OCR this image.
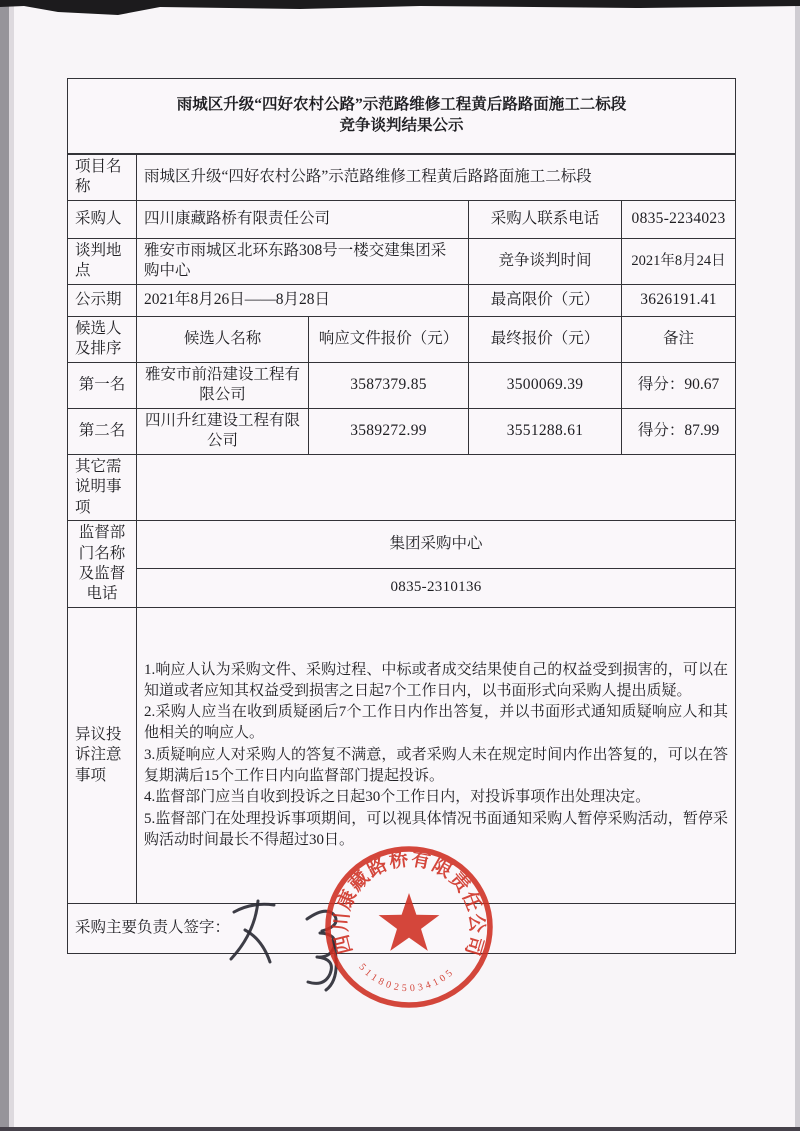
雨城区升级“四好农村公路”示范路维修工程黄后路路面施工二标段
竞争谈判结果公示				

项目名称	雨城区升级“四好农村公路”示范路维修工程黄后路路面施工二标段			
采购人	四川康藏路桥有限责任公司		采购人联系电话	0835-2234023
谈判地点	雅安市雨城区北环东路308号一楼交建集团采购中心		竞争谈判时间	2021年8月24日
公示期	2021年8月26日——8月28日		最高限价（元）	3626191.41
候选人及排序	候选人名称	响应文件报价（元）	最终报价（元）	备注
第一名	雅安市前沿建设工程有限公司	3587379.85	3500069.39	得分：90.67
第二名	四川升红建设工程有限公司	3589272.99	3551288.61	得分：87.99
其它需说明事项				
监督部门名称及监督电话	集团采购中心			
	0835-2310136			
异议投诉注意事项	1.响应人认为采购文件、采购过程、中标或者成交结果使自己的权益受到损害的，可以在知道或者应知其权益受到损害之日起7个工作日内，以书面形式向采购人提出质疑。
2.采购人应当在收到质疑函后7个工作日内作出答复，并以书面形式通知质疑响应人和其他相关的响应人。
3.质疑响应人对采购人的答复不满意，或者采购人未在规定时间内作出答复的，可以在答复期满后15个工作日内向监督部门提起投诉。
4.监督部门应当自收到投诉之日起30个工作日内，对投诉事项作出处理决定。
5.监督部门在处理投诉事项期间，可以视具体情况书面通知采购人暂停采购活动，暂停采购活动时间最长不得超过30日。			

采购主要负责人签字：				
四川康藏路桥有限责任公司
5118025034105
